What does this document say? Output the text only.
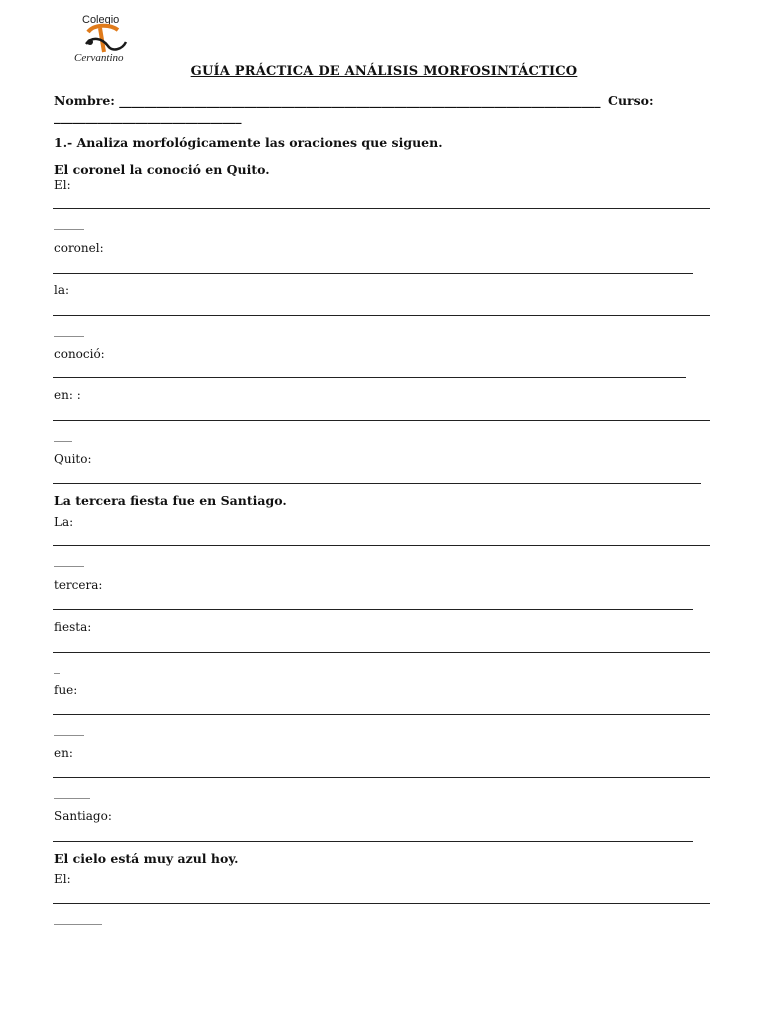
Colegio
Cervantino
GUÍA PRÁCTICA DE ANÁLISIS MORFOSINTÁCTICO
Nombre: _____________________________________________________________________________ Curso:
______________________________
1.- Analiza morfológicamente las oraciones que siguen.
El coronel la conoció en Quito.
El:
_____
coronel:
la:
_____
conoció:
en: :
___
Quito:
La tercera fiesta fue en Santiago.
La:
_____
tercera:
fiesta:
_
fue:
_____
en:
______
Santiago:
El cielo está muy azul hoy.
El:
________
